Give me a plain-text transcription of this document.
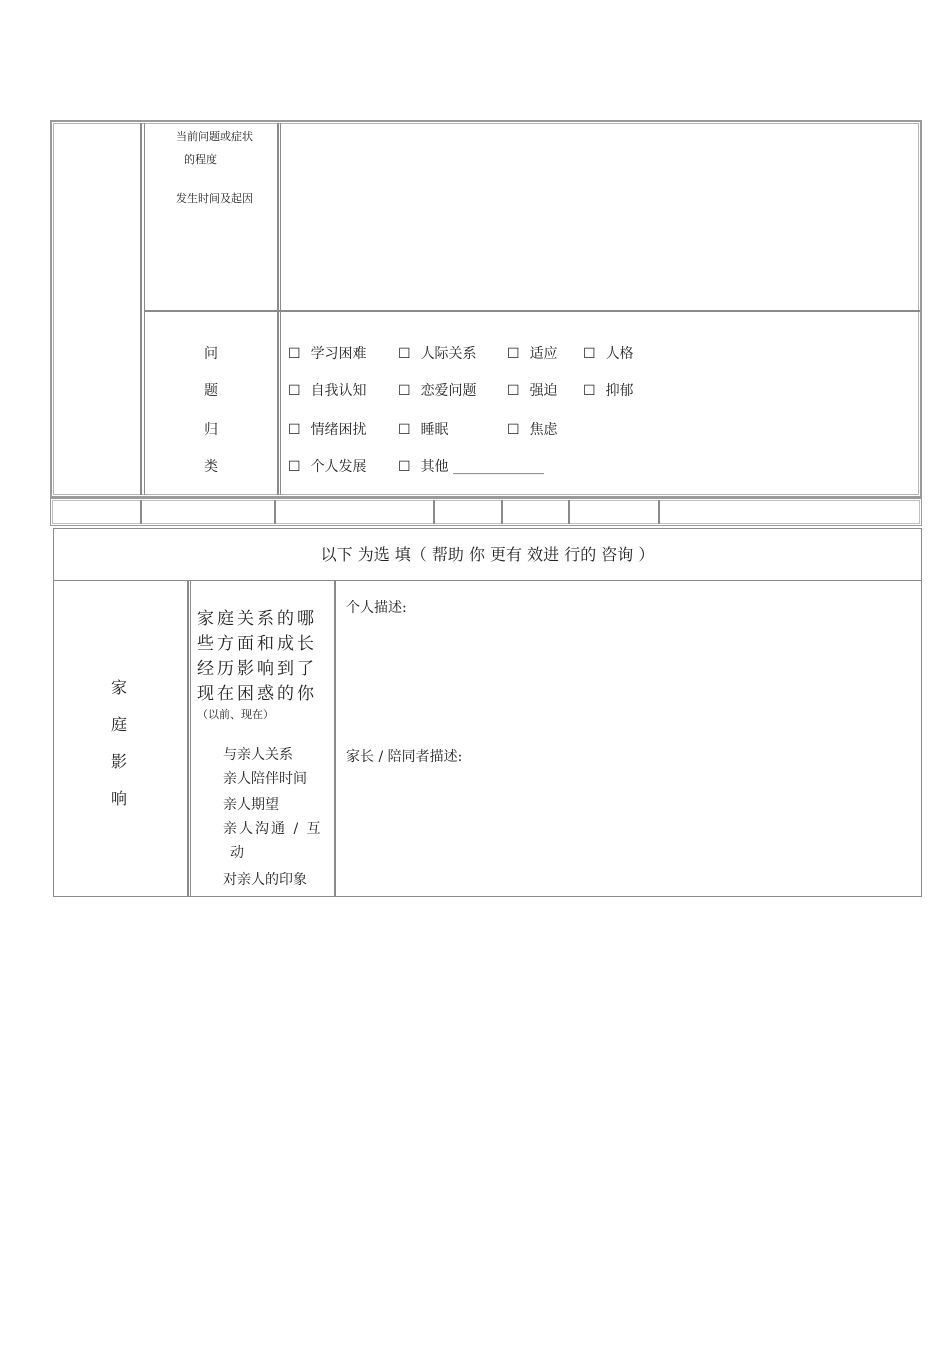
当前问题或症状
的程度
发生时间及起因
问
题
归
类
☐ 学习困难 ☐ 人际关系 ☐ 适应 ☐ 人格
☐ 自我认知 ☐ 恋爱问题 ☐ 强迫 ☐ 抑郁
☐ 情绪困扰 ☐ 睡眠	☐ 焦虑
☐ 个人发展 ☐ 其他 _____________
以下 为选 填（ 帮助 你 更有 效进 行的 咨询 ）
家
庭
影
响
家庭关系的哪
些方面和成长
经历影响到了
现在困惑的你
（以前、现在）
与亲人关系
亲人陪伴时间
亲人期望
亲人沟通 / 互
动
对亲人的印象
个人描述:
家长 / 陪同者描述:
